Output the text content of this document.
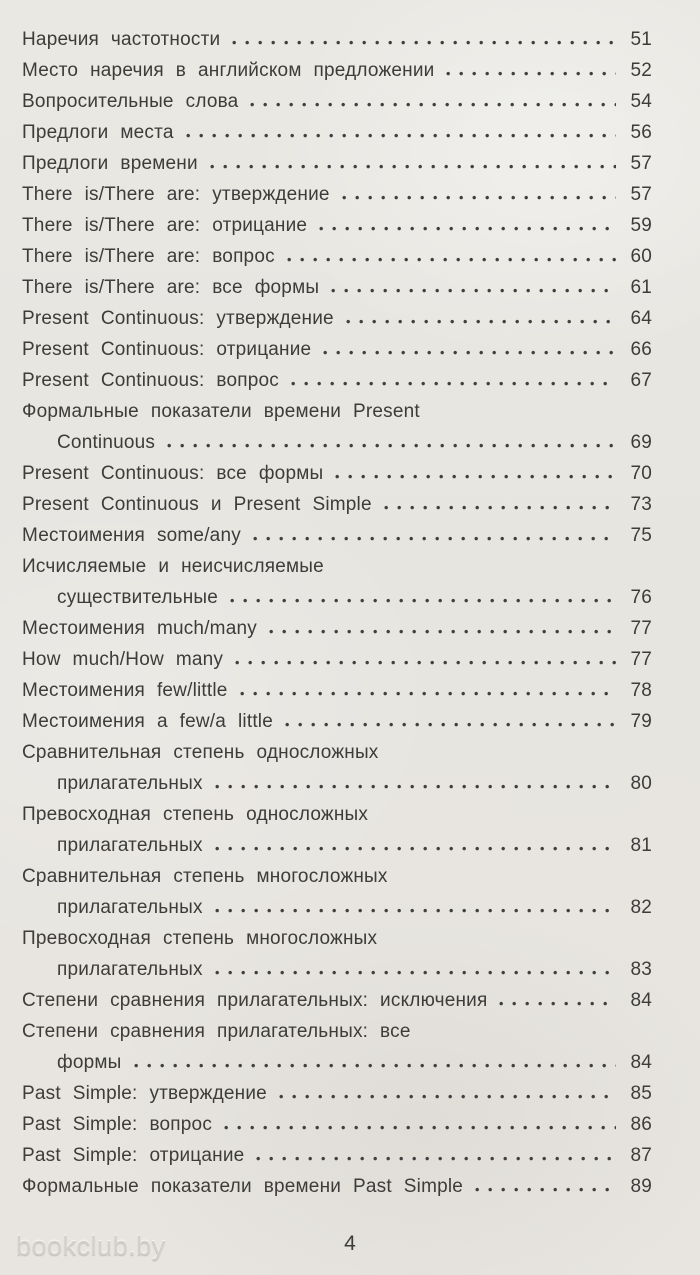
Наречия частотности	51
Место наречия в английском предложении	52
Вопросительные слова	54
Предлоги места	56
Предлоги времени	57
There is/There are: утверждение	57
There is/There are: отрицание	59
There is/There are: вопрос	60
There is/There are: все формы	61
Present Continuous: утверждение	64
Present Continuous: отрицание	66
Present Continuous: вопрос	67
Формальные показатели времени Present
Continuous	69
Present Continuous: все формы	70
Present Continuous и Present Simple	73
Местоимения some/any	75
Исчисляемые и неисчисляемые
существительные	76
Местоимения much/many	77
How much/How many	77
Местоимения few/little	78
Местоимения a few/a little	79
Сравнительная степень односложных
прилагательных	80
Превосходная степень односложных
прилагательных	81
Сравнительная степень многосложных
прилагательных	82
Превосходная степень многосложных
прилагательных	83
Степени сравнения прилагательных: исключения	84
Степени сравнения прилагательных: все
формы	84
Past Simple: утверждение	85
Past Simple: вопрос	86
Past Simple: отрицание	87
Формальные показатели времени Past Simple	89
bookclub.by	4
